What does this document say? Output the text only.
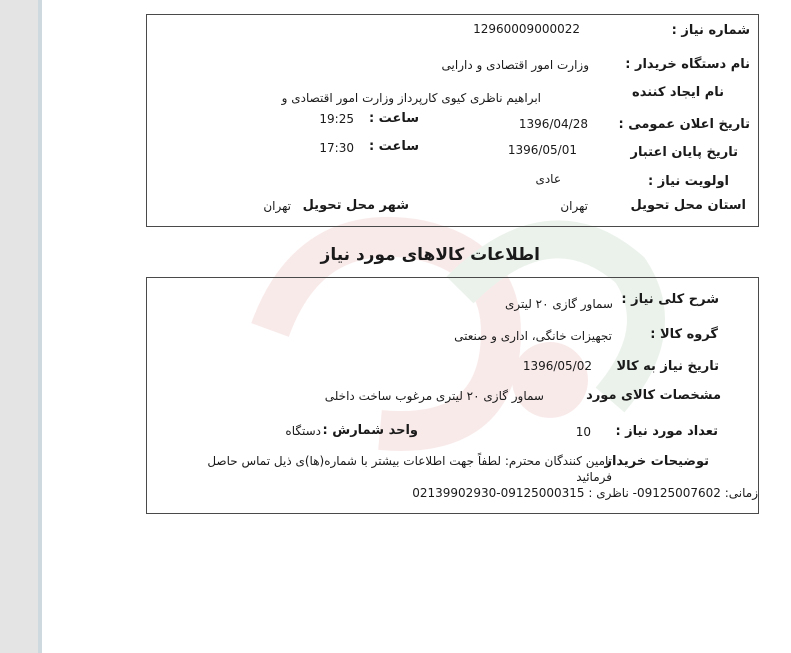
شماره نیاز :
12960009000022
نام دستگاه خریدار :
وزارت امور اقتصادی و دارایی
نام ایجاد کننده
ابراهیم ناظری کیوی کارپرداز وزارت امور اقتصادی و
تاریخ اعلان عمومی :
1396/04/28
ساعت :
19:25
تاریخ پایان اعتبار
1396/05/01
ساعت :
17:30
اولویت نیاز :
عادی
استان محل تحویل
تهران
شهر محل تحویل
تهران
اطلاعات کالاهای مورد نیاز
شرح کلی نیاز :
سماور گازی ۲۰ لیتری
گروه کالا :
تجهیزات خانگی، اداری و صنعتی
تاریخ نیاز به کالا
1396/05/02
مشخصات کالای مورد
سماور گازی ۲۰ لیتری مرغوب ساخت داخلی
تعداد مورد نیاز :
10
واحد شمارش :
دستگاه
توضیحات خریدار
تامین کنندگان محترم: لطفاً جهت اطلاعات بیشتر با شماره(ها)ی ذیل تماس حاصل
فرمائید
زمانی: 09125007602- ناظری : 09125000315-02139902930
